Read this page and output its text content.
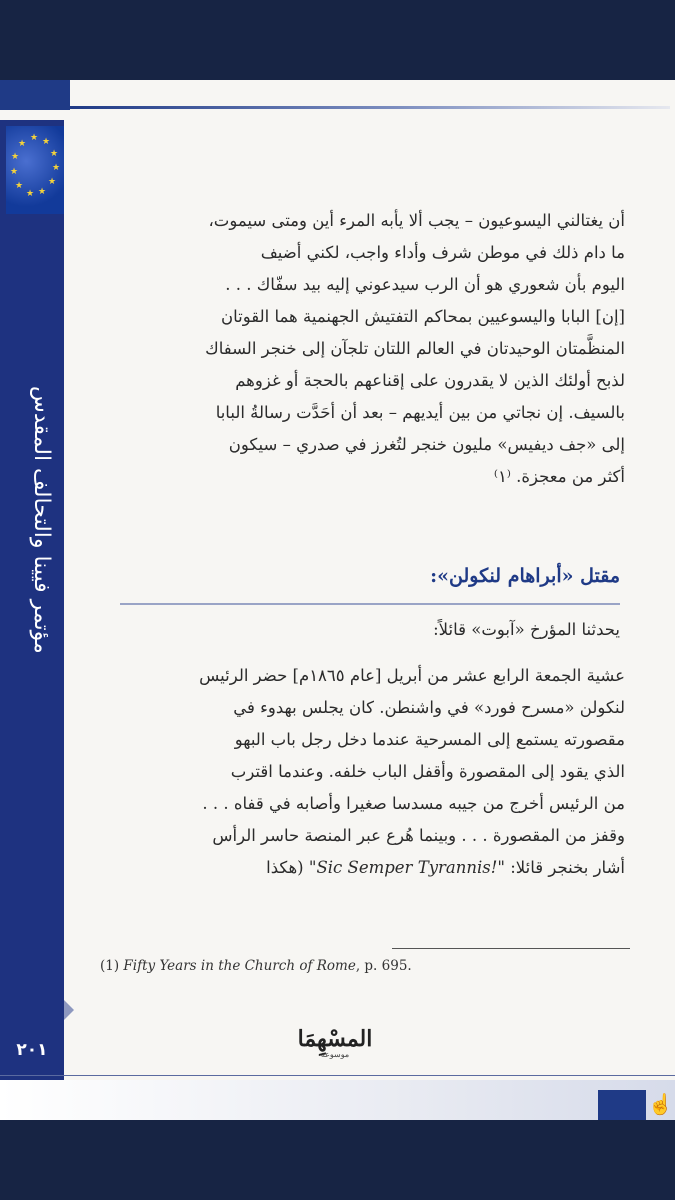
★ ★
★
★
★
★
★
★
★
★
★
مؤتمر فيينا والتحالف المقدس
٢٠١
أن يغتالني اليسوعيون – يجب ألا يأبه المرء أين ومتى سيموت،
ما دام ذلك في موطن شرف وأداء واجب، لكني أضيف
اليوم بأن شعوري هو أن الرب سيدعوني إليه بيد سفّاك . . .
[إن] البابا واليسوعيين بمحاكم التفتيش الجهنمية هما القوتان
المنظَّمتان الوحيدتان في العالم اللتان تلجآن إلى خنجر السفاك
لذبح أولئك الذين لا يقدرون على إقناعهم بالحجة أو غزوهم
بالسيف. إن نجاتي من بين أيديهم – بعد أن أحَدَّت رسالةُ البابا
إلى «جف ديفيس» مليون خنجر لتُغرز في صدري – سيكون
أكثر من معجزة. ⁽١⁾
مقتل «أبراهام لنكولن»:
يحدثنا المؤرخ «آبوت» قائلاً:
عشية الجمعة الرابع عشر من أبريل [عام ١٨٦٥م] حضر الرئيس
لنكولن «مسرح فورد» في واشنطن. كان يجلس بهدوء في
مقصورته يستمع إلى المسرحية عندما دخل رجل باب البهو
الذي يقود إلى المقصورة وأقفل الباب خلفه. وعندما اقترب
من الرئيس أخرج من جيبه مسدسا صغيرا وأصابه في قفاه . . .
وقفز من المقصورة . . . وبينما هُرع عبر المنصة حاسر الرأس
أشار بخنجر قائلا: "Sic Semper Tyrannis!" (هكذا
(1) Fifty Years in the Church of Rome, p. 695.
المسْهِمَا
موسوعة
☝
